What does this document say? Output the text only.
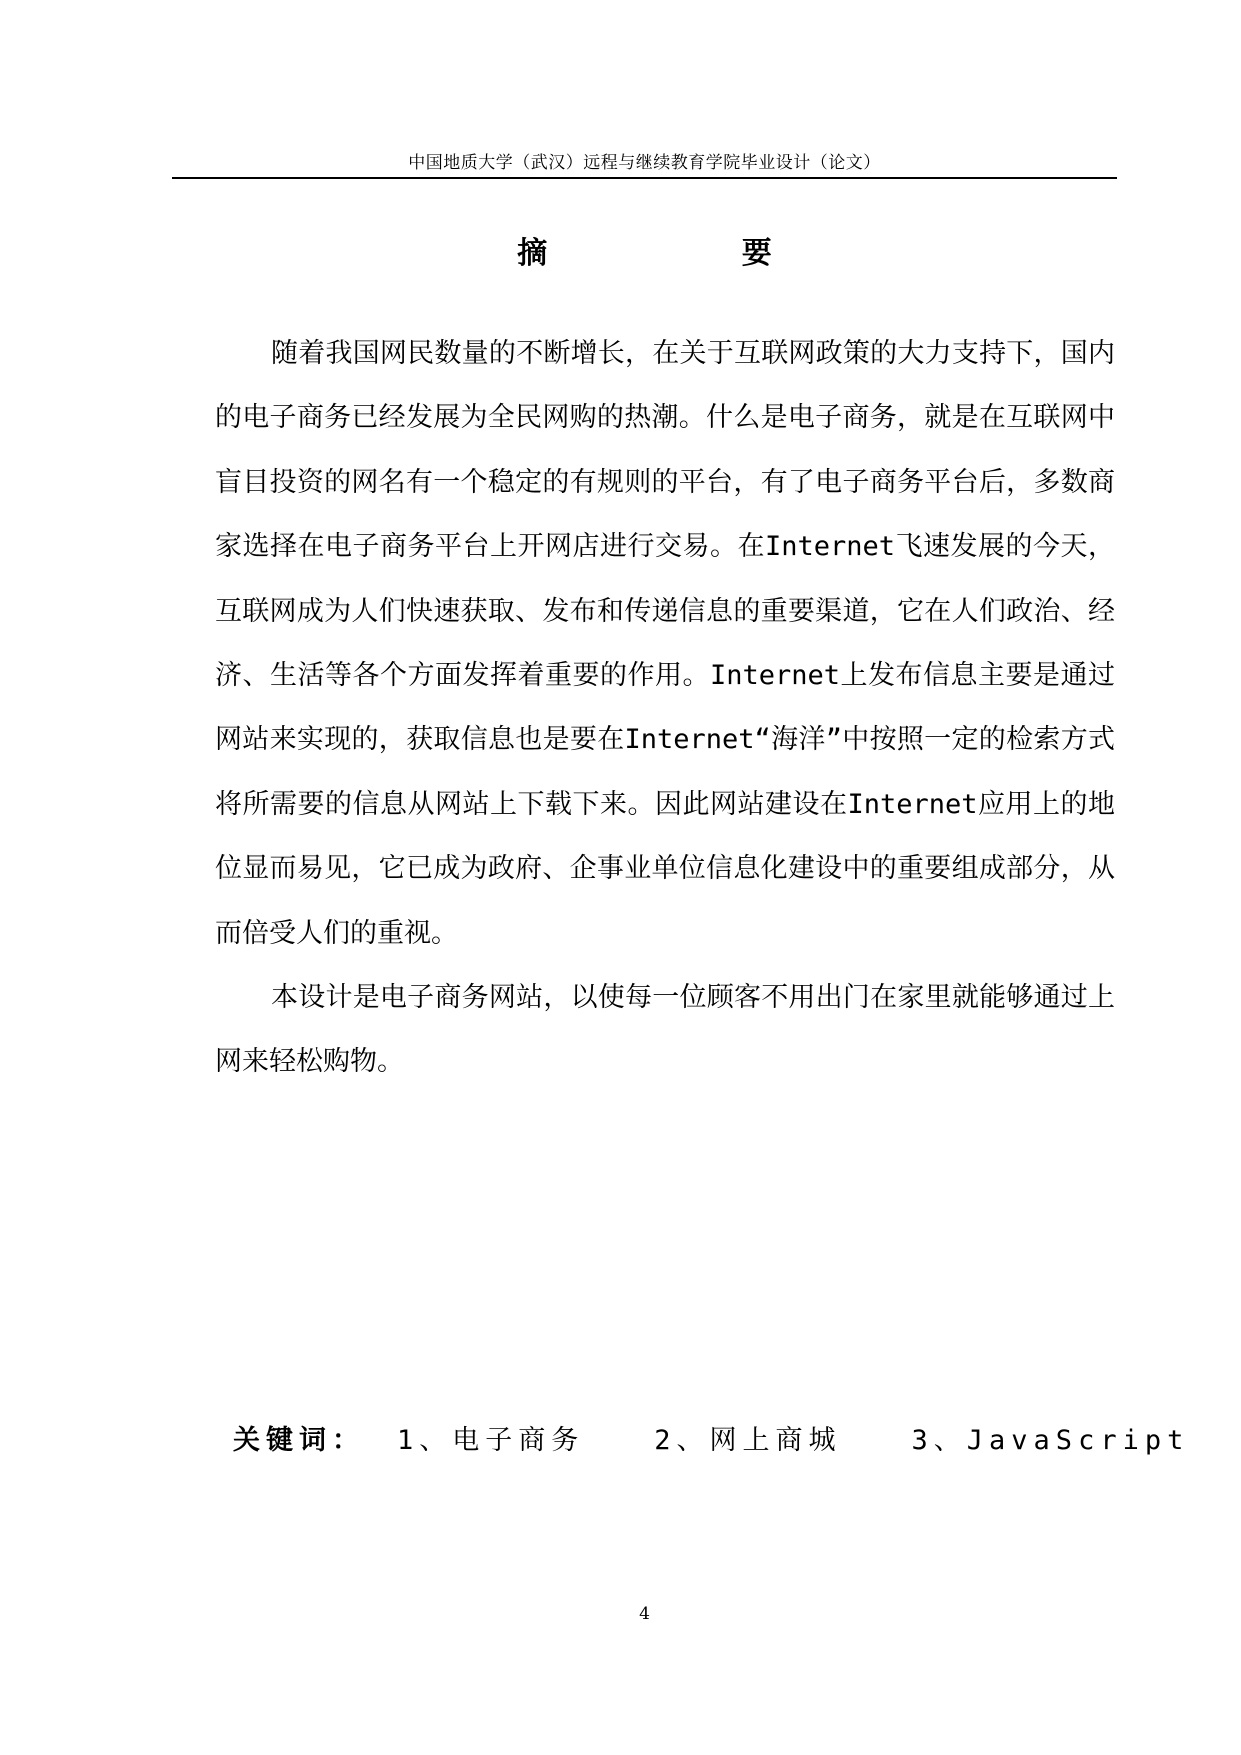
中国地质大学（武汉）远程与继续教育学院毕业设计（论文）
摘 要

随着我国网民数量的不断增长，在关于互联网政策的大力支持下，国内的电子商务已经发展为全民网购的热潮。什么是电子商务，就是在互联网中盲目投资的网名有一个稳定的有规则的平台，有了电子商务平台后，多数商家选择在电子商务平台上开网店进行交易。在Internet飞速发展的今天，互联网成为人们快速获取、发布和传递信息的重要渠道，它在人们政治、经济、生活等各个方面发挥着重要的作用。Internet上发布信息主要是通过网站来实现的，获取信息也是要在Internet“海洋”中按照一定的检索方式将所需要的信息从网站上下载下来。因此网站建设在Internet应用上的地位显而易见，它已成为政府、企事业单位信息化建设中的重要组成部分，从而倍受人们的重视。

本设计是电子商务网站，以使每一位顾客不用出门在家里就能够通过上网来轻松购物。

关键词： 1、电子商务	2、网上商城	3、JavaScript
4
